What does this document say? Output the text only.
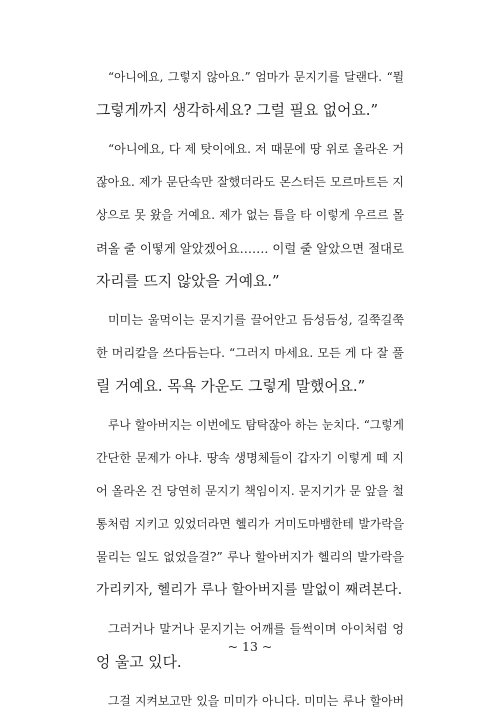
“아니에요, 그렇지 않아요.” 엄마가 문지기를 달랜다. “뭘
그렇게까지 생각하세요? 그럴 필요 없어요.”
“아니에요, 다 제 탓이에요. 저 때문에 땅 위로 올라온 거
잖아요. 제가 문단속만 잘했더라도 몬스터든 모르마트든 지
상으로 못 왔을 거예요. 제가 없는 틈을 타 이렇게 우르르 몰
려올 줄 이떻게 알았겠어요……. 이럴 줄 알았으면 절대로
자리를 뜨지 않았을 거예요.”
미미는 울먹이는 문지기를 끌어안고 듬성듬성, 길쭉길쭉
한 머리칼을 쓰다듬는다. “그러지 마세요. 모든 게 다 잘 풀
릴 거예요. 목욕 가운도 그렇게 말했어요.”
루나 할아버지는 이번에도 탐탁잖아 하는 눈치다. “그렇게
간단한 문제가 아냐. 땅속 생명체들이 갑자기 이렇게 떼 지
어 올라온 건 당연히 문지기 책임이지. 문지기가 문 앞을 철
통처럼 지키고 있었더라면 헬리가 거미도마뱀한테 발가락을
물리는 일도 없었을걸?” 루나 할아버지가 헬리의 발가락을
가리키자, 헬리가 루나 할아버지를 말없이 째려본다.
그러거나 말거나 문지기는 어깨를 들썩이며 아이처럼 엉
엉 울고 있다.
그걸 지켜보고만 있을 미미가 아니다. 미미는 루나 할아버
~ 13 ~
